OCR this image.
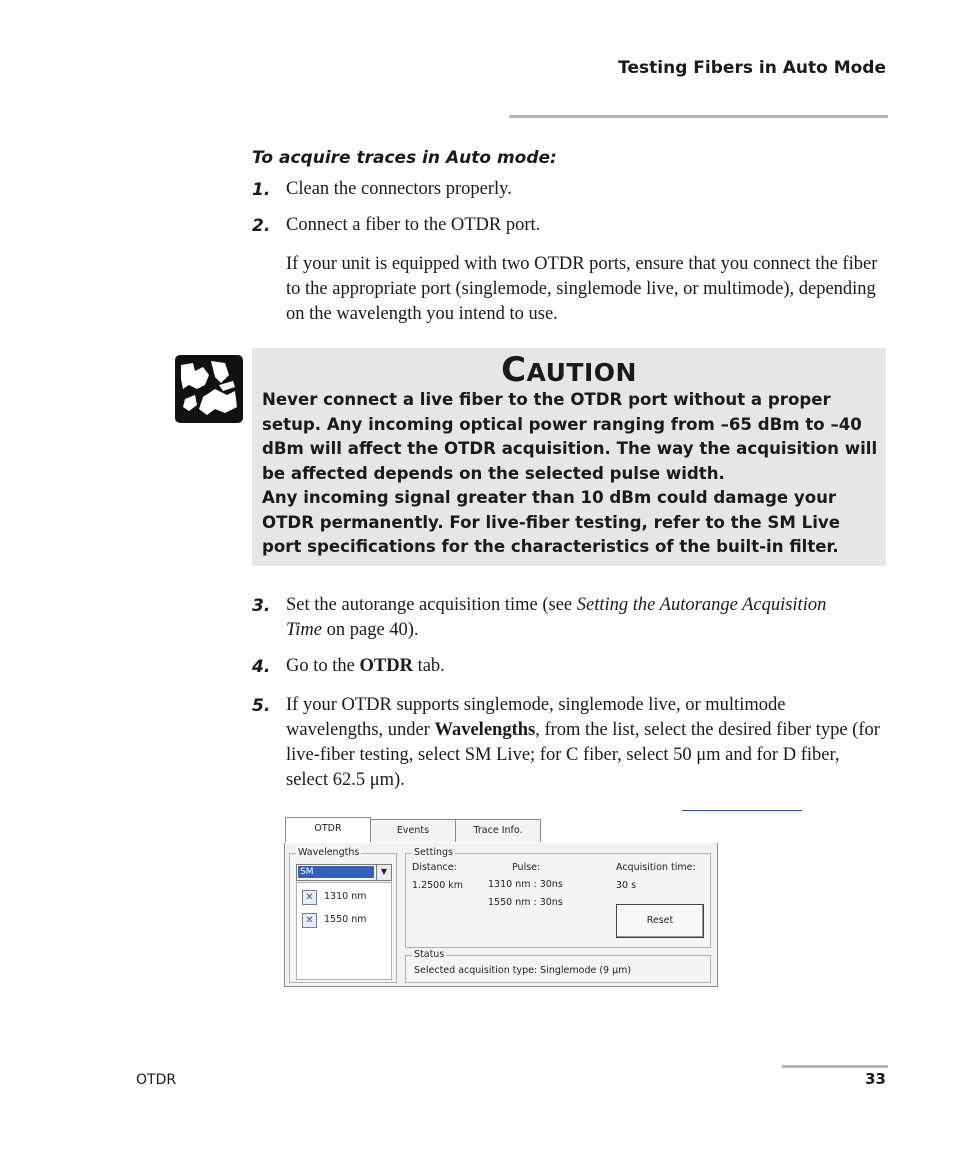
Testing Fibers in Auto Mode
To acquire traces in Auto mode:
1. Clean the connectors properly.
2. Connect a fiber to the OTDR port.
If your unit is equipped with two OTDR ports, ensure that you connect the fiber to the appropriate port (singlemode, singlemode live, or multimode), depending on the wavelength you intend to use.
CAUTION
Never connect a live fiber to the OTDR port without a proper setup. Any incoming optical power ranging from –65 dBm to –40 dBm will affect the OTDR acquisition. The way the acquisition will be affected depends on the selected pulse width.
Any incoming signal greater than 10 dBm could damage your OTDR permanently. For live-fiber testing, refer to the SM Live port specifications for the characteristics of the built-in filter.
3. Set the autorange acquisition time (see Setting the Autorange Acquisition Time on page 40).
4. Go to the OTDR tab.
5. If your OTDR supports singlemode, singlemode live, or multimode wavelengths, under Wavelengths, from the list, select the desired fiber type (for live-fiber testing, select SM Live; for C fiber, select 50 μm and for D fiber, select 62.5 μm).
OTDR	Events	Trace Info.
Wavelengths
SM	▼
✕	1310 nm
✕	1550 nm
Settings
Distance:
1.2500 km
Pulse:
1310 nm : 30ns
1550 nm : 30ns
Acquisition time:
30 s
Reset
Status
Selected acquisition type: Singlemode (9 μm)
OTDR	33
